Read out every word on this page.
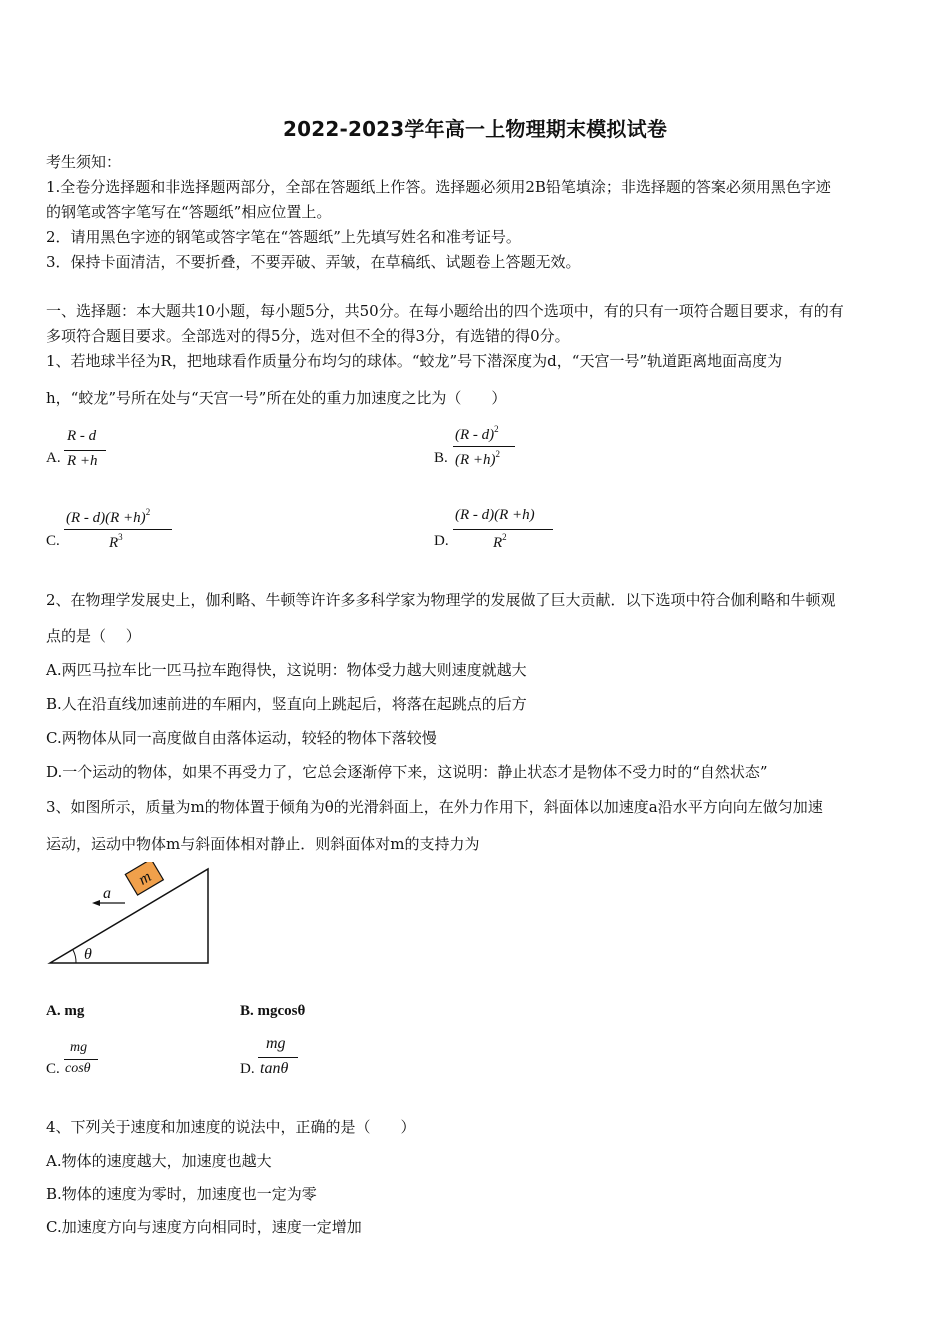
2022-2023学年高一上物理期末模拟试卷
考生须知：
1.全卷分选择题和非选择题两部分，全部在答题纸上作答。选择题必须用2B铅笔填涂；非选择题的答案必须用黑色字迹
的钢笔或答字笔写在“答题纸”相应位置上。
2．请用黑色字迹的钢笔或答字笔在“答题纸”上先填写姓名和准考证号。
3．保持卡面清洁，不要折叠，不要弄破、弄皱，在草稿纸、试题卷上答题无效。
一、选择题：本大题共10小题，每小题5分，共50分。在每小题给出的四个选项中，有的只有一项符合题目要求，有的有
多项符合题目要求。全部选对的得5分，选对但不全的得3分，有选错的得0分。
1、若地球半径为R，把地球看作质量分布均匀的球体。“蛟龙”号下潜深度为d，“天宫一号”轨道距离地面高度为
h，“蛟龙”号所在处与“天宫一号”所在处的重力加速度之比为（　　）
A.
R - d
R +h	B.
(R - d)$^2$
$(R +h)^2$
C.
$(R - d)(R +h)^2$
$R^3$	D.
(R - d)(R +h)
$R^2$
2、在物理学发展史上，伽利略、牛顿等许许多多科学家为物理学的发展做了巨大贡献．以下选项中符合伽利略和牛顿观
点的是（　 ）
A.两匹马拉车比一匹马拉车跑得快，这说明：物体受力越大则速度就越大
B.人在沿直线加速前进的车厢内，竖直向上跳起后，将落在起跳点的后方
C.两物体从同一高度做自由落体运动，较轻的物体下落较慢
D.一个运动的物体，如果不再受力了，它总会逐渐停下来，这说明：静止状态才是物体不受力时的“自然状态”
3、如图所示，质量为m的物体置于倾角为θ的光滑斜面上，在外力作用下，斜面体以加速度a沿水平方向向左做匀加速
运动，运动中物体m与斜面体相对静止．则斜面体对m的支持力为
m
a
θ
A. mg	B. mgcosθ
C.
mg
cosθ	D.
mg
tanθ
4、下列关于速度和加速度的说法中，正确的是（　　）
A.物体的速度越大，加速度也越大
B.物体的速度为零时，加速度也一定为零
C.加速度方向与速度方向相同时，速度一定增加
